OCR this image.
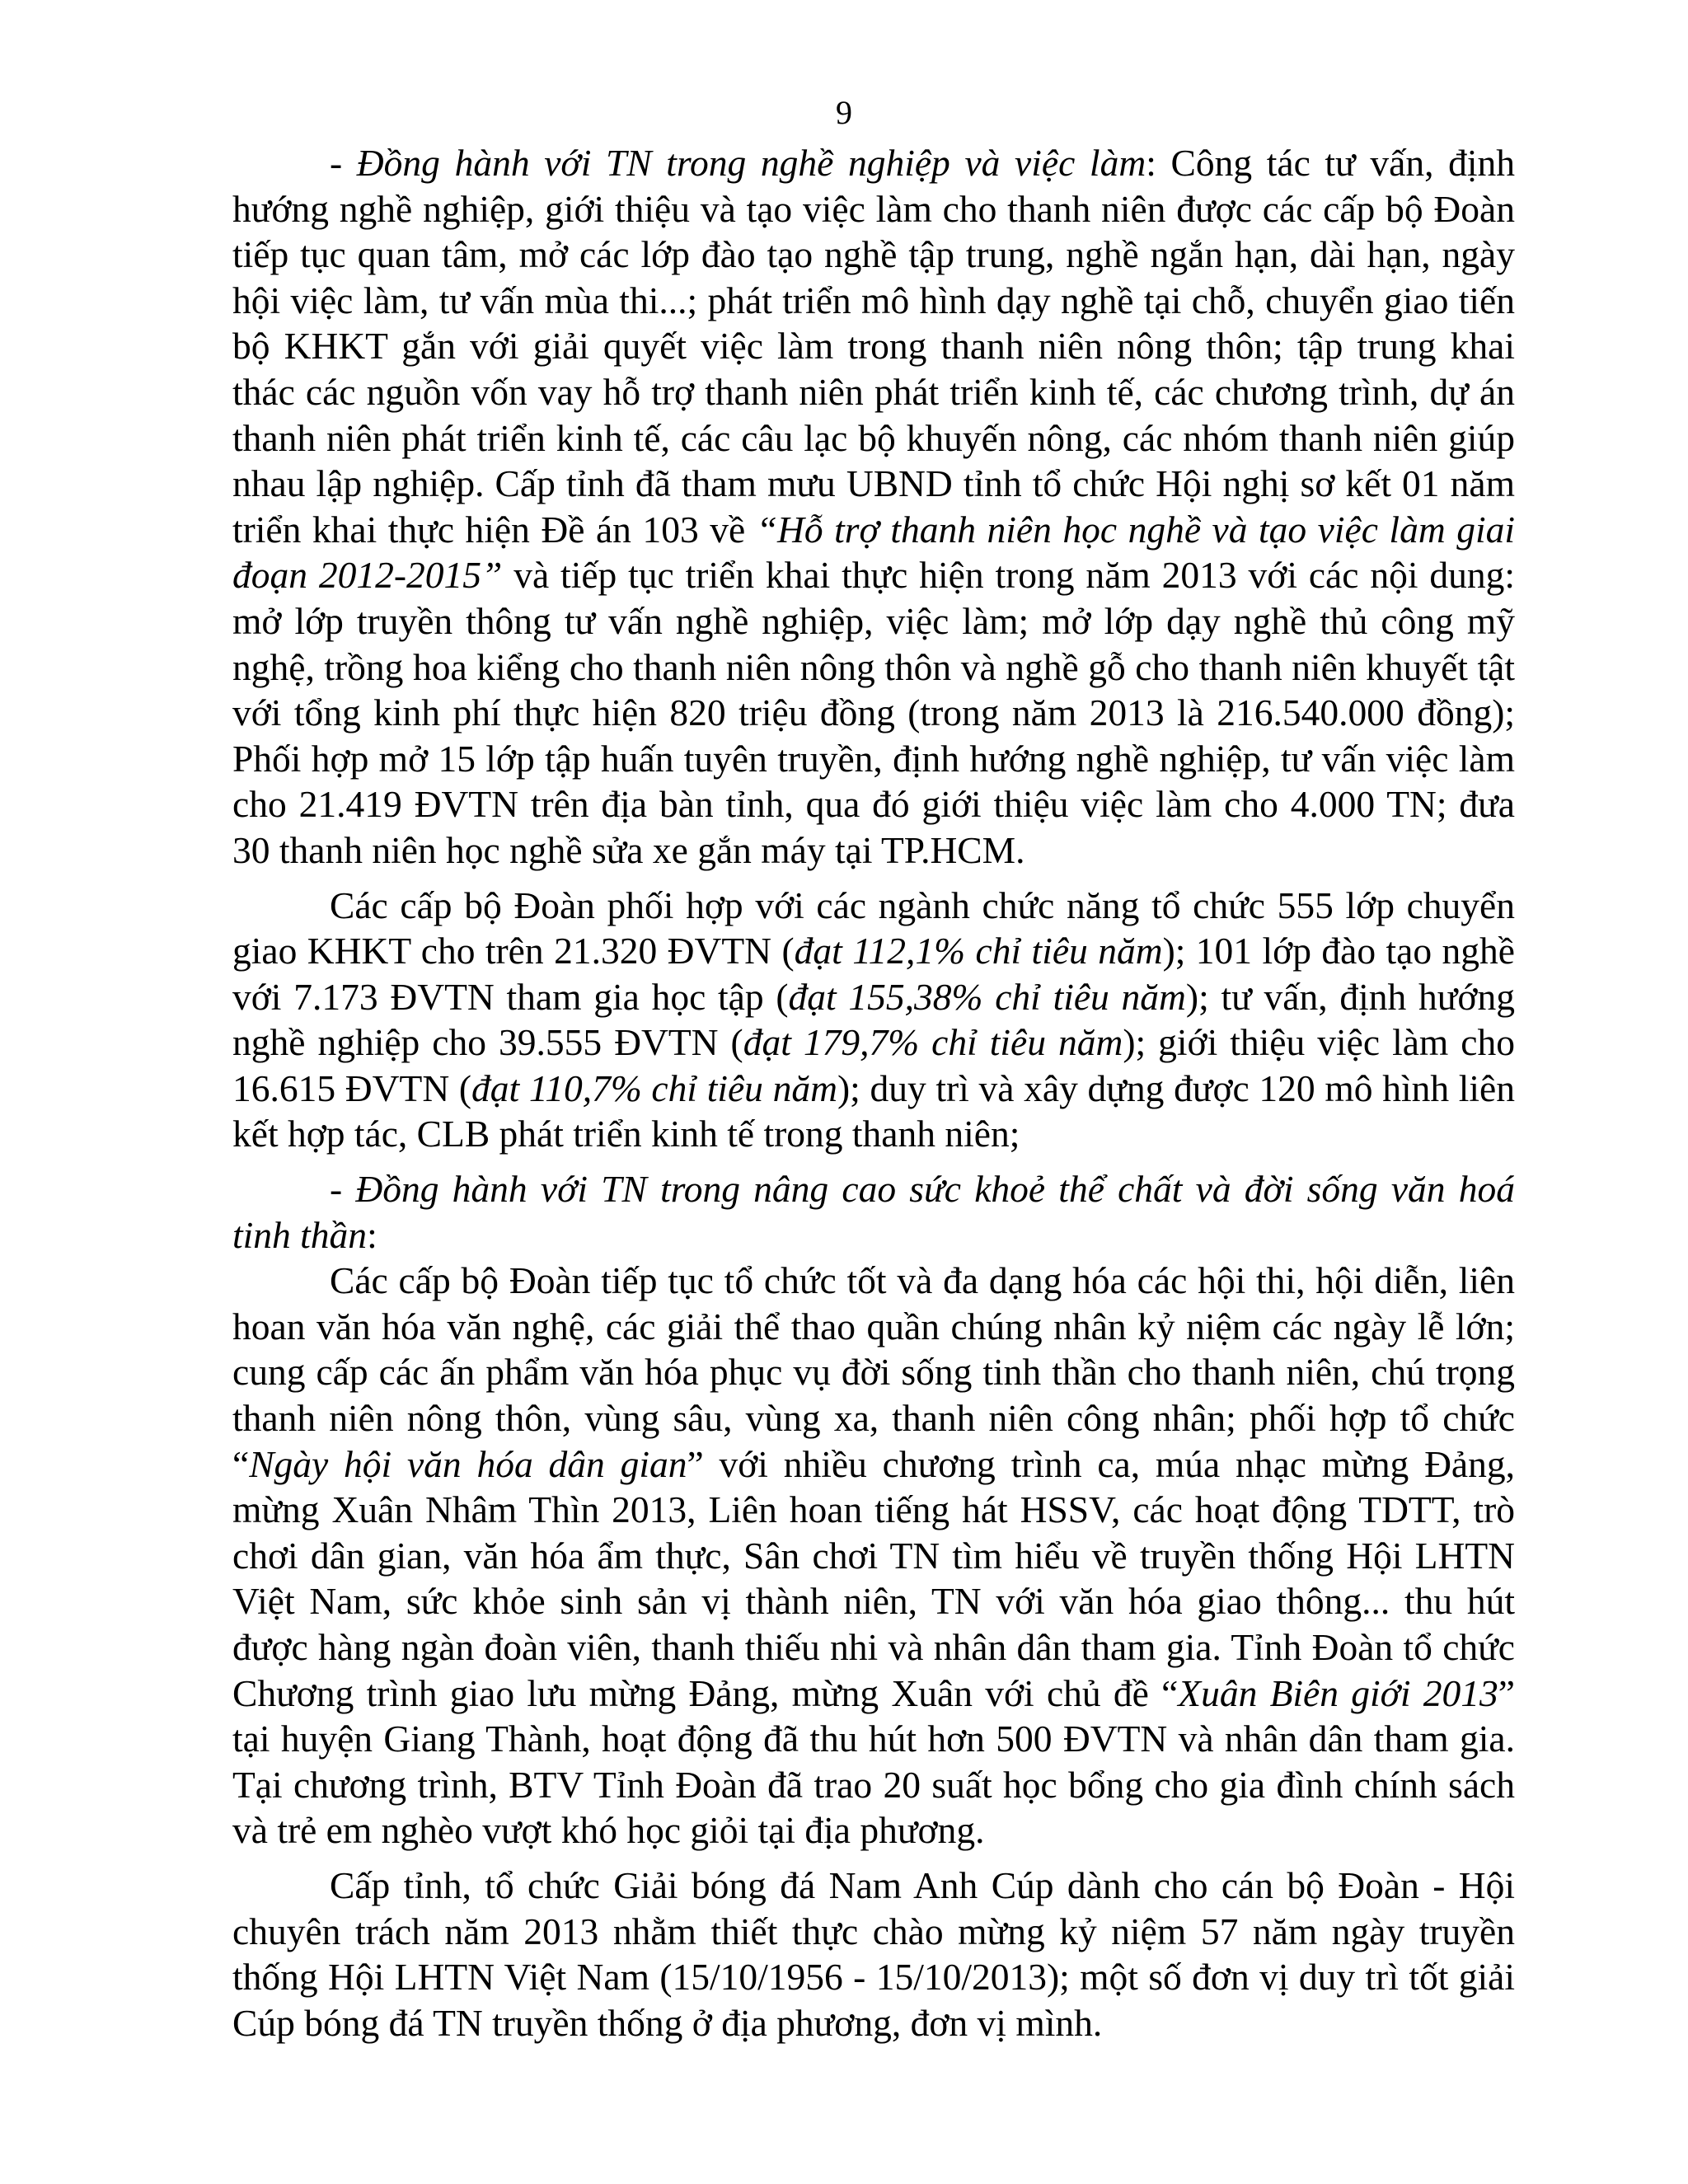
9

- Đồng hành với TN trong nghề nghiệp và việc làm: Công tác tư vấn, định hướng nghề nghiệp, giới thiệu và tạo việc làm cho thanh niên được các cấp bộ Đoàn tiếp tục quan tâm, mở các lớp đào tạo nghề tập trung, nghề ngắn hạn, dài hạn, ngày hội việc làm, tư vấn mùa thi...; phát triển mô hình dạy nghề tại chỗ, chuyển giao tiến bộ KHKT gắn với giải quyết việc làm trong thanh niên nông thôn; tập trung khai thác các nguồn vốn vay hỗ trợ thanh niên phát triển kinh tế, các chương trình, dự án thanh niên phát triển kinh tế, các câu lạc bộ khuyến nông, các nhóm thanh niên giúp nhau lập nghiệp. Cấp tỉnh đã tham mưu UBND tỉnh tổ chức Hội nghị sơ kết 01 năm triển khai thực hiện Đề án 103 về “Hỗ trợ thanh niên học nghề và tạo việc làm giai đoạn 2012-2015” và tiếp tục triển khai thực hiện trong năm 2013 với các nội dung: mở lớp truyền thông tư vấn nghề nghiệp, việc làm; mở lớp dạy nghề thủ công mỹ nghệ, trồng hoa kiểng cho thanh niên nông thôn và nghề gỗ cho thanh niên khuyết tật với tổng kinh phí thực hiện 820 triệu đồng (trong năm 2013 là 216.540.000 đồng); Phối hợp mở 15 lớp tập huấn tuyên truyền, định hướng nghề nghiệp, tư vấn việc làm cho 21.419 ĐVTN trên địa bàn tỉnh, qua đó giới thiệu việc làm cho 4.000 TN; đưa 30 thanh niên học nghề sửa xe gắn máy tại TP.HCM.

Các cấp bộ Đoàn phối hợp với các ngành chức năng tổ chức 555 lớp chuyển giao KHKT cho trên 21.320 ĐVTN (đạt 112,1% chỉ tiêu năm); 101 lớp đào tạo nghề với 7.173 ĐVTN tham gia học tập (đạt 155,38% chỉ tiêu năm); tư vấn, định hướng nghề nghiệp cho 39.555 ĐVTN (đạt 179,7% chỉ tiêu năm); giới thiệu việc làm cho 16.615 ĐVTN (đạt 110,7% chỉ tiêu năm); duy trì và xây dựng được 120 mô hình liên kết hợp tác, CLB phát triển kinh tế trong thanh niên;

- Đồng hành với TN trong nâng cao sức khoẻ thể chất và đời sống văn hoá tinh thần:

Các cấp bộ Đoàn tiếp tục tổ chức tốt và đa dạng hóa các hội thi, hội diễn, liên hoan văn hóa văn nghệ, các giải thể thao quần chúng nhân kỷ niệm các ngày lễ lớn; cung cấp các ấn phẩm văn hóa phục vụ đời sống tinh thần cho thanh niên, chú trọng thanh niên nông thôn, vùng sâu, vùng xa, thanh niên công nhân; phối hợp tổ chức “Ngày hội văn hóa dân gian” với nhiều chương trình ca, múa nhạc mừng Đảng, mừng Xuân Nhâm Thìn 2013, Liên hoan tiếng hát HSSV, các hoạt động TDTT, trò chơi dân gian, văn hóa ẩm thực, Sân chơi TN tìm hiểu về truyền thống Hội LHTN Việt Nam, sức khỏe sinh sản vị thành niên, TN với văn hóa giao thông... thu hút được hàng ngàn đoàn viên, thanh thiếu nhi và nhân dân tham gia. Tỉnh Đoàn tổ chức Chương trình giao lưu mừng Đảng, mừng Xuân với chủ đề “Xuân Biên giới 2013” tại huyện Giang Thành, hoạt động đã thu hút hơn 500 ĐVTN và nhân dân tham gia. Tại chương trình, BTV Tỉnh Đoàn đã trao 20 suất học bổng cho gia đình chính sách và trẻ em nghèo vượt khó học giỏi tại địa phương.

Cấp tỉnh, tổ chức Giải bóng đá Nam Anh Cúp dành cho cán bộ Đoàn - Hội chuyên trách năm 2013 nhằm thiết thực chào mừng kỷ niệm 57 năm ngày truyền thống Hội LHTN Việt Nam (15/10/1956 - 15/10/2013); một số đơn vị duy trì tốt giải Cúp bóng đá TN truyền thống ở địa phương, đơn vị mình.
